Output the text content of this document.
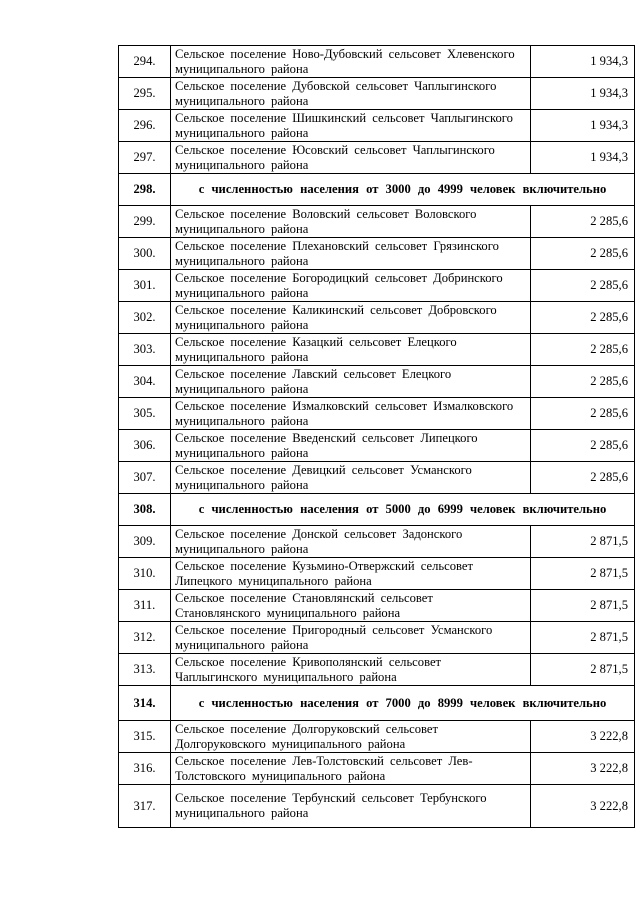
294.	Сельское поселение Ново-Дубовский сельсовет Хлевенского муниципального района	1 934,3
295.	Сельское поселение Дубовской сельсовет Чаплыгинского муниципального района	1 934,3
296.	Сельское поселение Шишкинский сельсовет Чаплыгинского муниципального района	1 934,3
297.	Сельское поселение Юсовский сельсовет Чаплыгинского муниципального района	1 934,3
298.	с численностью населения от 3000 до 4999 человек включительно	
299.	Сельское поселение Воловский сельсовет Воловского муниципального района	2 285,6
300.	Сельское поселение Плехановский сельсовет Грязинского муниципального района	2 285,6
301.	Сельское поселение Богородицкий сельсовет Добринского муниципального района	2 285,6
302.	Сельское поселение Каликинский сельсовет Добровского муниципального района	2 285,6
303.	Сельское поселение Казацкий сельсовет Елецкого муниципального района	2 285,6
304.	Сельское поселение Лавский сельсовет Елецкого муниципального района	2 285,6
305.	Сельское поселение Измалковский сельсовет Измалковского муниципального района	2 285,6
306.	Сельское поселение Введенский сельсовет Липецкого муниципального района	2 285,6
307.	Сельское поселение Девицкий сельсовет Усманского муниципального района	2 285,6
308.	с численностью населения от 5000 до 6999 человек включительно	
309.	Сельское поселение Донской сельсовет Задонского муниципального района	2 871,5
310.	Сельское поселение Кузьмино-Отвержский сельсовет Липецкого муниципального района	2 871,5
311.	Сельское поселение Становлянский сельсовет Становлянского муниципального района	2 871,5
312.	Сельское поселение Пригородный сельсовет Усманского муниципального района	2 871,5
313.	Сельское поселение Кривополянский сельсовет Чаплыгинского муниципального района	2 871,5
314.	с численностью населения от 7000 до 8999 человек включительно	
315.	Сельское поселение Долгоруковский сельсовет Долгоруковского муниципального района	3 222,8
316.	Сельское поселение Лев-Толстовский сельсовет Лев-Толстовского муниципального района	3 222,8
317.	Сельское поселение Тербунский сельсовет Тербунского муниципального района	3 222,8
